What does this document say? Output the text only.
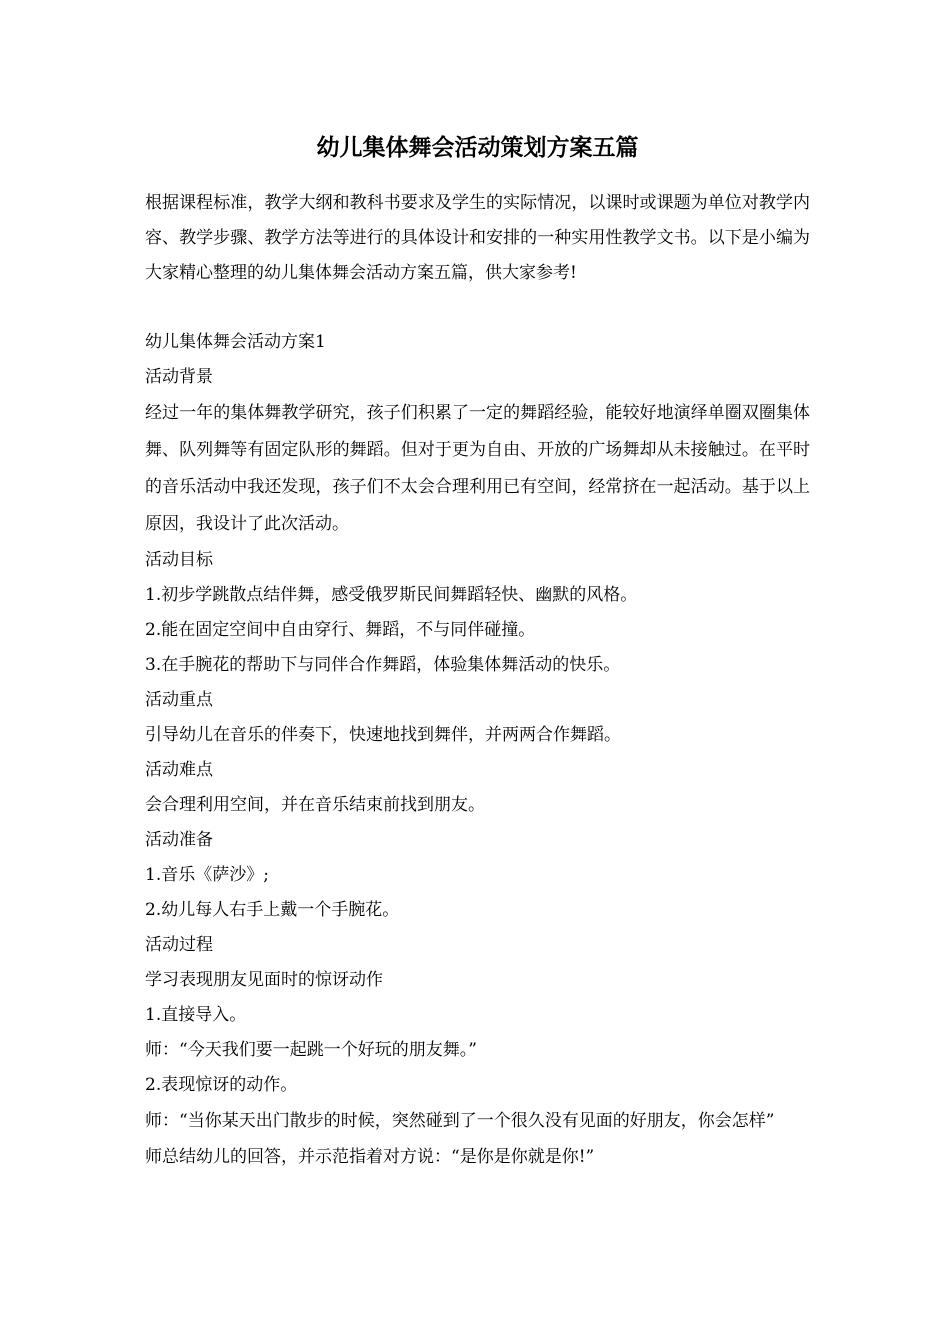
幼儿集体舞会活动策划方案五篇

根据课程标准，教学大纲和教科书要求及学生的实际情况，以课时或课题为单位对教学内容、教学步骤、教学方法等进行的具体设计和安排的一种实用性教学文书。以下是小编为大家精心整理的幼儿集体舞会活动方案五篇，供大家参考!

幼儿集体舞会活动方案1

活动背景

经过一年的集体舞教学研究，孩子们积累了一定的舞蹈经验，能较好地演绎单圈双圈集体舞、队列舞等有固定队形的舞蹈。但对于更为自由、开放的广场舞却从未接触过。在平时的音乐活动中我还发现，孩子们不太会合理利用已有空间，经常挤在一起活动。基于以上原因，我设计了此次活动。

活动目标

1.初步学跳散点结伴舞，感受俄罗斯民间舞蹈轻快、幽默的风格。

2.能在固定空间中自由穿行、舞蹈，不与同伴碰撞。

3.在手腕花的帮助下与同伴合作舞蹈，体验集体舞活动的快乐。

活动重点

引导幼儿在音乐的伴奏下，快速地找到舞伴，并两两合作舞蹈。

活动难点

会合理利用空间，并在音乐结束前找到朋友。

活动准备

1.音乐《萨沙》;

2.幼儿每人右手上戴一个手腕花。

活动过程

学习表现朋友见面时的惊讶动作

1.直接导入。

师：“今天我们要一起跳一个好玩的朋友舞。”

2.表现惊讶的动作。

师：“当你某天出门散步的时候，突然碰到了一个很久没有见面的好朋友，你会怎样”

师总结幼儿的回答，并示范指着对方说：“是你是你就是你!”
